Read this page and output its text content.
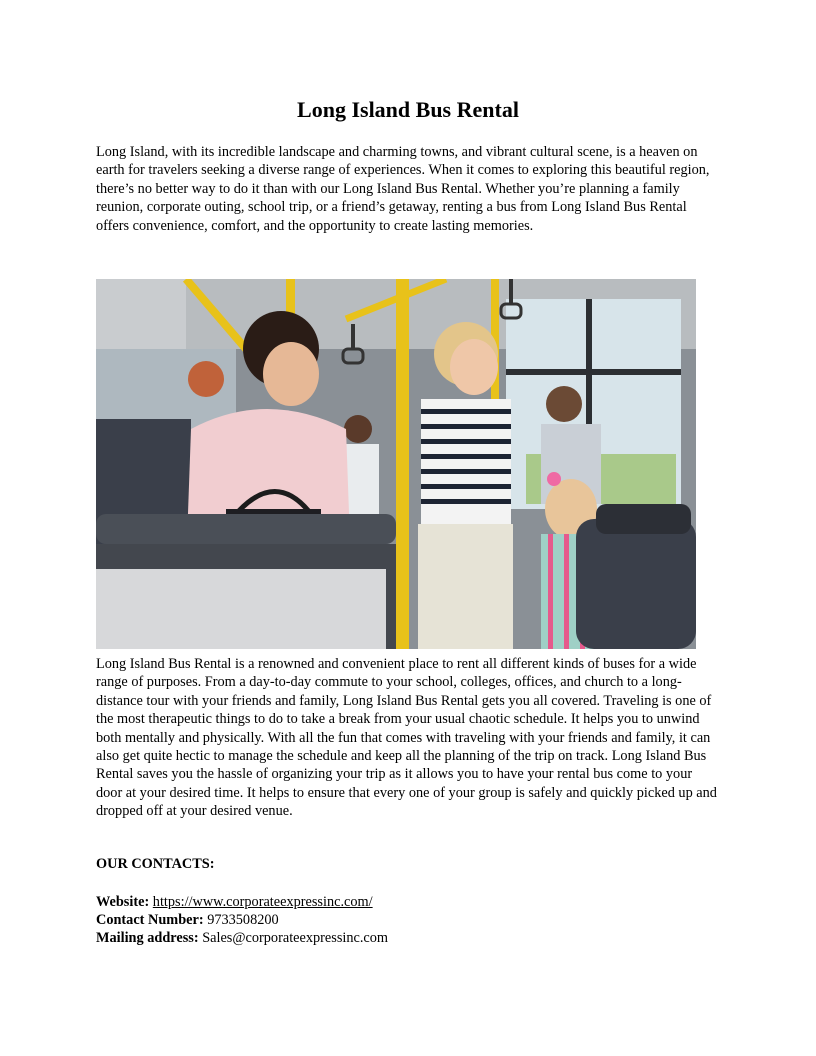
Long Island Bus Rental

Long Island, with its incredible landscape and charming towns, and vibrant cultural scene, is a heaven on earth for travelers seeking a diverse range of experiences. When it comes to exploring this beautiful region, there’s no better way to do it than with our Long Island Bus Rental. Whether you’re planning a family reunion, corporate outing, school trip, or a friend’s getaway, renting a bus from Long Island Bus Rental offers convenience, comfort, and the opportunity to create lasting memories.

Long Island Bus Rental is a renowned and convenient place to rent all different kinds of buses for a wide range of purposes. From a day-to-day commute to your school, colleges, offices, and church to a long-distance tour with your friends and family, Long Island Bus Rental gets you all covered. Traveling is one of the most therapeutic things to do to take a break from your usual chaotic schedule. It helps you to unwind both mentally and physically. With all the fun that comes with traveling with your friends and family, it can also get quite hectic to manage the schedule and keep all the planning of the trip on track. Long Island Bus Rental saves you the hassle of organizing your trip as it allows you to have your rental bus come to your door at your desired time. It helps to ensure that every one of your group is safely and quickly picked up and dropped off at your desired venue.

OUR CONTACTS:
Website: https://www.corporateexpressinc.com/
Contact Number: 9733508200
Mailing address: Sales@corporateexpressinc.com
